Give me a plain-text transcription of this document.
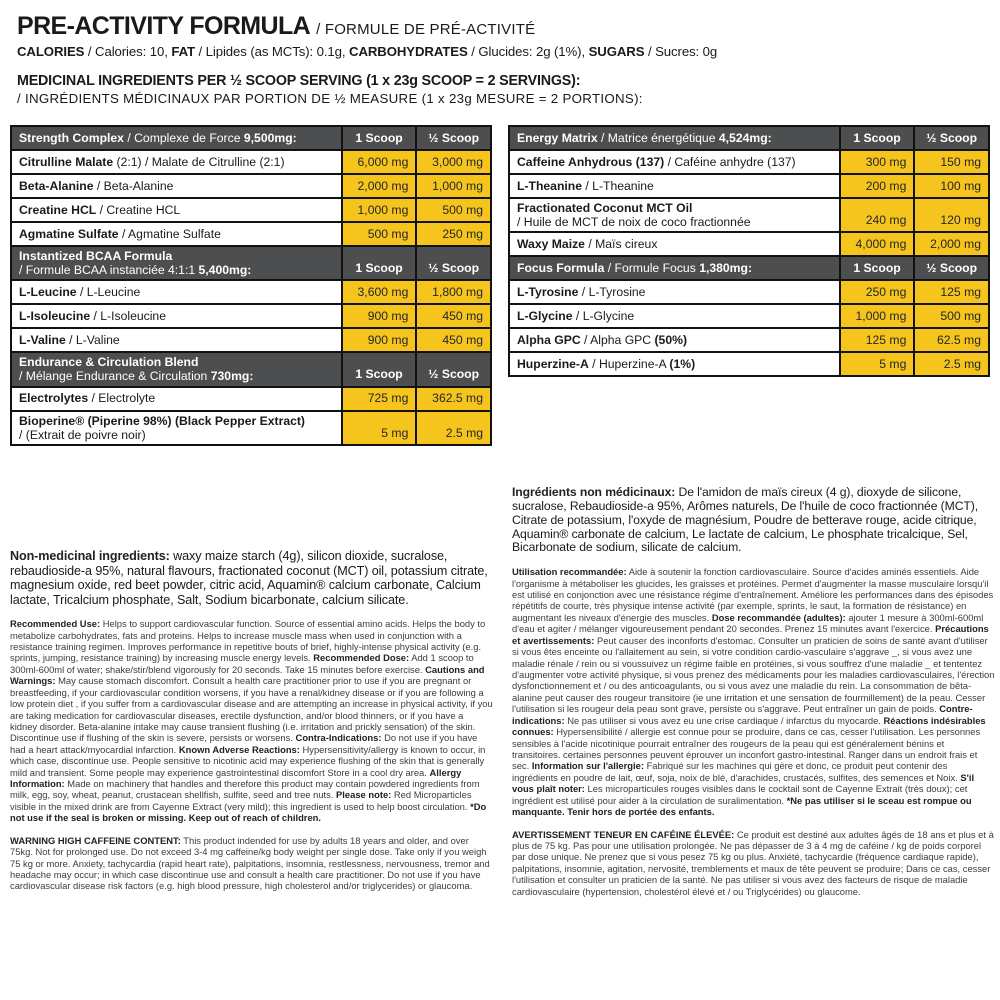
PRE-ACTIVITY FORMULA / FORMULE DE PRÉ-ACTIVITÉ
CALORIES / Calories: 10, FAT / Lipides (as MCTs): 0.1g, CARBOHYDRATES / Glucides: 2g (1%), SUGARS / Sucres: 0g
MEDICINAL INGREDIENTS PER ½ SCOOP SERVING (1 x 23g SCOOP = 2 SERVINGS):
/ INGRÉDIENTS MÉDICINAUX PAR PORTION DE ½ MEASURE (1 x 23g MESURE = 2 PORTIONS):
Strength Complex / Complexe de Force 9,500mg:	1 Scoop	½ Scoop
Citrulline Malate (2:1) / Malate de Citrulline (2:1)	6,000 mg	3,000 mg
Beta-Alanine / Beta-Alanine	2,000 mg	1,000 mg
Creatine HCL / Creatine HCL	1,000 mg	500 mg
Agmatine Sulfate / Agmatine Sulfate	500 mg	250 mg
Instantized BCAA Formula
/ Formule BCAA instanciée 4:1:1 5,400mg:	1 Scoop	½ Scoop
L-Leucine / L-Leucine	3,600 mg	1,800 mg
L-Isoleucine / L-Isoleucine	900 mg	450 mg
L-Valine / L-Valine	900 mg	450 mg
Endurance & Circulation Blend
/ Mélange Endurance & Circulation 730mg:	1 Scoop	½ Scoop
Electrolytes / Electrolyte	725 mg	362.5 mg
Bioperine® (Piperine 98%) (Black Pepper Extract)
/ (Extrait de poivre noir)	5 mg	2.5 mg
Energy Matrix / Matrice énergétique 4,524mg:	1 Scoop	½ Scoop
Caffeine Anhydrous (137) / Caféine anhydre (137)	300 mg	150 mg
L-Theanine / L-Theanine	200 mg	100 mg
Fractionated Coconut MCT Oil
/ Huile de MCT de noix de coco fractionnée	240 mg	120 mg
Waxy Maize / Maïs cireux	4,000 mg	2,000 mg
Focus Formula / Formule Focus 1,380mg:	1 Scoop	½ Scoop
L-Tyrosine / L-Tyrosine	250 mg	125 mg
L-Glycine / L-Glycine	1,000 mg	500 mg
Alpha GPC / Alpha GPC (50%)	125 mg	62.5 mg
Huperzine-A / Huperzine-A (1%)	5 mg	2.5 mg

Non-medicinal ingredients: waxy maize starch (4g), silicon dioxide, sucralose, rebaudioside-a 95%, natural flavours, fractionated coconut (MCT) oil, potassium citrate, magnesium oxide, red beet powder, citric acid, Aquamin® calcium carbonate, Calcium lactate, Tricalcium phosphate, Salt, Sodium bicarbonate, calcium silicate.

Recommended Use: Helps to support cardiovascular function. Source of essential amino acids. Helps the body to metabolize carbohydrates, fats and proteins. Helps to increase muscle mass when used in conjunction with a resistance training regimen. Improves performance in repetitive bouts of brief, highly-intense physical activity (e.g. sprints, jumping, resistance training) by increasing muscle energy levels. Recommended Dose: Add 1 scoop to 300ml-600ml of water; shake/stir/blend vigorously for 20 seconds. Take 15 minutes before exercise. Cautions and Warnings: May cause stomach discomfort. Consult a health care practitioner prior to use if you are pregnant or breastfeeding, if your cardiovascular condition worsens, if you have a renal/kidney disease or if you are following a low protein diet , if you suffer from a cardiovascular disease and are attempting an increase in physical activity, if you are taking medication for cardiovascular diseases, erectile dysfunction, and/or blood thinners, or if you have a kidney disorder. Beta-alanine intake may cause transient flushing (i.e. irritation and prickly sensation) of the skin. Discontinue use if flushing of the skin is severe, persists or worsens. Contra-Indications: Do not use if you have had a heart attack/myocardial infarction. Known Adverse Reactions: Hypersensitivity/allergy is known to occur, in which case, discontinue use. People sensitive to nicotinic acid may experience flushing of the skin that is generally mild and transient. Some people may experience gastrointestinal discomfort Store in a cool dry area. Allergy Information: Made on machinery that handles and therefore this product may contain powdered ingredients from milk, egg, soy, wheat, peanut, crustacean shellfish, sulfite, seed and tree nuts. Please note: Red Microparticles visible in the mixed drink are from Cayenne Extract (very mild); this ingredient is used to help boost circulation. *Do not use if the seal is broken or missing. Keep out of reach of children.

WARNING HIGH CAFFEINE CONTENT: This product indended for use by adults 18 years and older, and over 75kg. Not for prolonged use. Do not exceed 3-4 mg caffeine/kg body weight per single dose. Take only if you weigh 75 kg or more. Anxiety, tachycardia (rapid heart rate), palpitations, insomnia, restlessness, nervousness, tremor and headache may occur; in which case discontinue use and consult a health care practitioner. Do not use if you have cardiovascular disease risk factors (e.g. high blood pressure, high cholesterol and/or triglycerides) or glaucoma.

Ingrédients non médicinaux: De l'amidon de maïs cireux (4 g), dioxyde de silicone, sucralose, Rebaudioside-a 95%, Arômes naturels, De l'huile de coco fractionnée (MCT), Citrate de potassium, l'oxyde de magnésium, Poudre de betterave rouge, acide citrique, Aquamin® carbonate de calcium, Le lactate de calcium, Le phosphate tricalcique, Sel, Bicarbonate de sodium, silicate de calcium.

Utilisation recommandée: Aide à soutenir la fonction cardiovasculaire. Source d'acides aminés essentiels. Aide l'organisme à métaboliser les glucides, les graisses et protéines. Permet d'augmenter la masse musculaire lorsqu'il est utilisé en conjonction avec une résistance régime d'entraînement. Améliore les performances dans des épisodes répétitifs de courte, très physique intense activité (par exemple, sprints, le saut, la formation de résistance) en augmentant les niveaux d'énergie des muscles. Dose recommandée (adultes): ajouter 1 mesure à 300ml-600ml d'eau et agiter / mélanger vigoureusement pendant 20 secondes. Prenez 15 minutes avant l'exercice. Précautions et avertissements: Peut causer des inconforts d'estomac. Consulter un praticien de soins de santé avant d'utiliser si vous êtes enceinte ou l'allaitement au sein, si votre condition cardio-vasculaire s'aggrave _, si vous avez une maladie rénale / rein ou si voussuivez un régime faible en protéines, si vous souffrez d'une maladie _ et tententez d'augmenter votre activité physique, si vous prenez des médicaments pour les maladies cardiovasculaires, l'érection dysfonctionnement et / ou des anticoagulants, ou si vous avez une maladie du rein. La consommation de bêta-alanine peut causer des rougeur transitoire (ie une irritation et une sensation de fourmillement) de la peau. Cesser l'utilisation si les rougeur dela peau sont grave, persiste ou s'aggrave. Peut entraîner un gain de poids. Contre-indications: Ne pas utiliser si vous avez eu une crise cardiaque / infarctus du myocarde. Réactions indésirables connues: Hypersensibilité / allergie est connue pour se produire, dans ce cas, cesser l'utilisation. Les personnes sensibles à l'acide nicotinique pourrait entraîner des rougeurs de la peau qui est généralement bénins et transitoires. certaines personnes peuvent éprouver un inconfort gastro-intestinal. Ranger dans un endroit frais et sec. Information sur l'allergie: Fabriqué sur les machines qui gère et donc, ce produit peut contenir des ingrédients en poudre de lait, œuf, soja, noix de blé, d'arachides, crustacés, sulfites, des semences et Noix. S'il vous plaît noter: Les microparticules rouges visibles dans le cocktail sont de Cayenne Extrait (très doux); cet ingrédient est utilisé pour aider à la circulation de suralimentation. *Ne pas utiliser si le sceau est rompue ou manquante. Tenir hors de portée des enfants.

AVERTISSEMENT TENEUR EN CAFÉINE ÉLEVÉE: Ce produit est destiné aux adultes âgés de 18 ans et plus et à plus de 75 kg. Pas pour une utilisation prolongée. Ne pas dépasser de 3 à 4 mg de caféine / kg de poids corporel par dose unique. Ne prenez que si vous pesez 75 kg ou plus. Anxiété, tachycardie (fréquence cardiaque rapide), palpitations, insomnie, agitation, nervosité, tremblements et maux de tête peuvent se produire; Dans ce cas, cesser l'utilisation et consulter un praticien de la santé. Ne pas utiliser si vous avez des facteurs de risque de maladie cardiovasculaire (hypertension, cholestérol élevé et / ou Triglycérides) ou glaucome.
